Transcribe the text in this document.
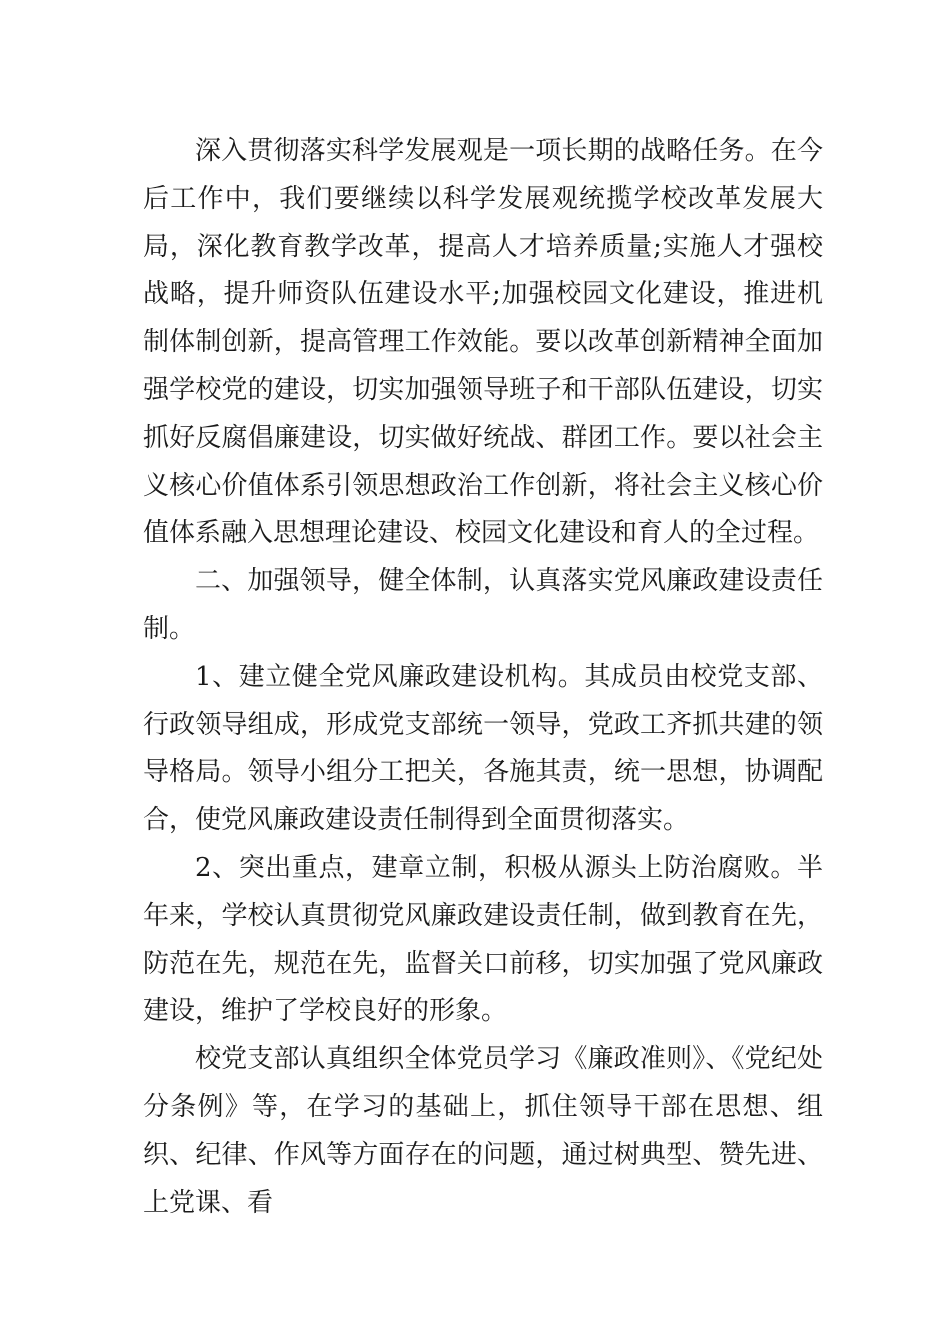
深入贯彻落实科学发展观是一项长期的战略任务。在今后工作中，我们要继续以科学发展观统揽学校改革发展大局，深化教育教学改革，提高人才培养质量;实施人才强校战略，提升师资队伍建设水平;加强校园文化建设，推进机制体制创新，提高管理工作效能。要以改革创新精神全面加强学校党的建设，切实加强领导班子和干部队伍建设，切实抓好反腐倡廉建设，切实做好统战、群团工作。要以社会主义核心价值体系引领思想政治工作创新，将社会主义核心价值体系融入思想理论建设、校园文化建设和育人的全过程。

二、加强领导，健全体制，认真落实党风廉政建设责任制。

1、建立健全党风廉政建设机构。其成员由校党支部、行政领导组成，形成党支部统一领导，党政工齐抓共建的领导格局。领导小组分工把关，各施其责，统一思想，协调配合，使党风廉政建设责任制得到全面贯彻落实。

2、突出重点，建章立制，积极从源头上防治腐败。半年来，学校认真贯彻党风廉政建设责任制，做到教育在先，防范在先，规范在先，监督关口前移，切实加强了党风廉政建设，维护了学校良好的形象。

校党支部认真组织全体党员学习《廉政准则》、《党纪处分条例》等，在学习的基础上，抓住领导干部在思想、组织、纪律、作风等方面存在的问题，通过树典型、赞先进、上党课、看
